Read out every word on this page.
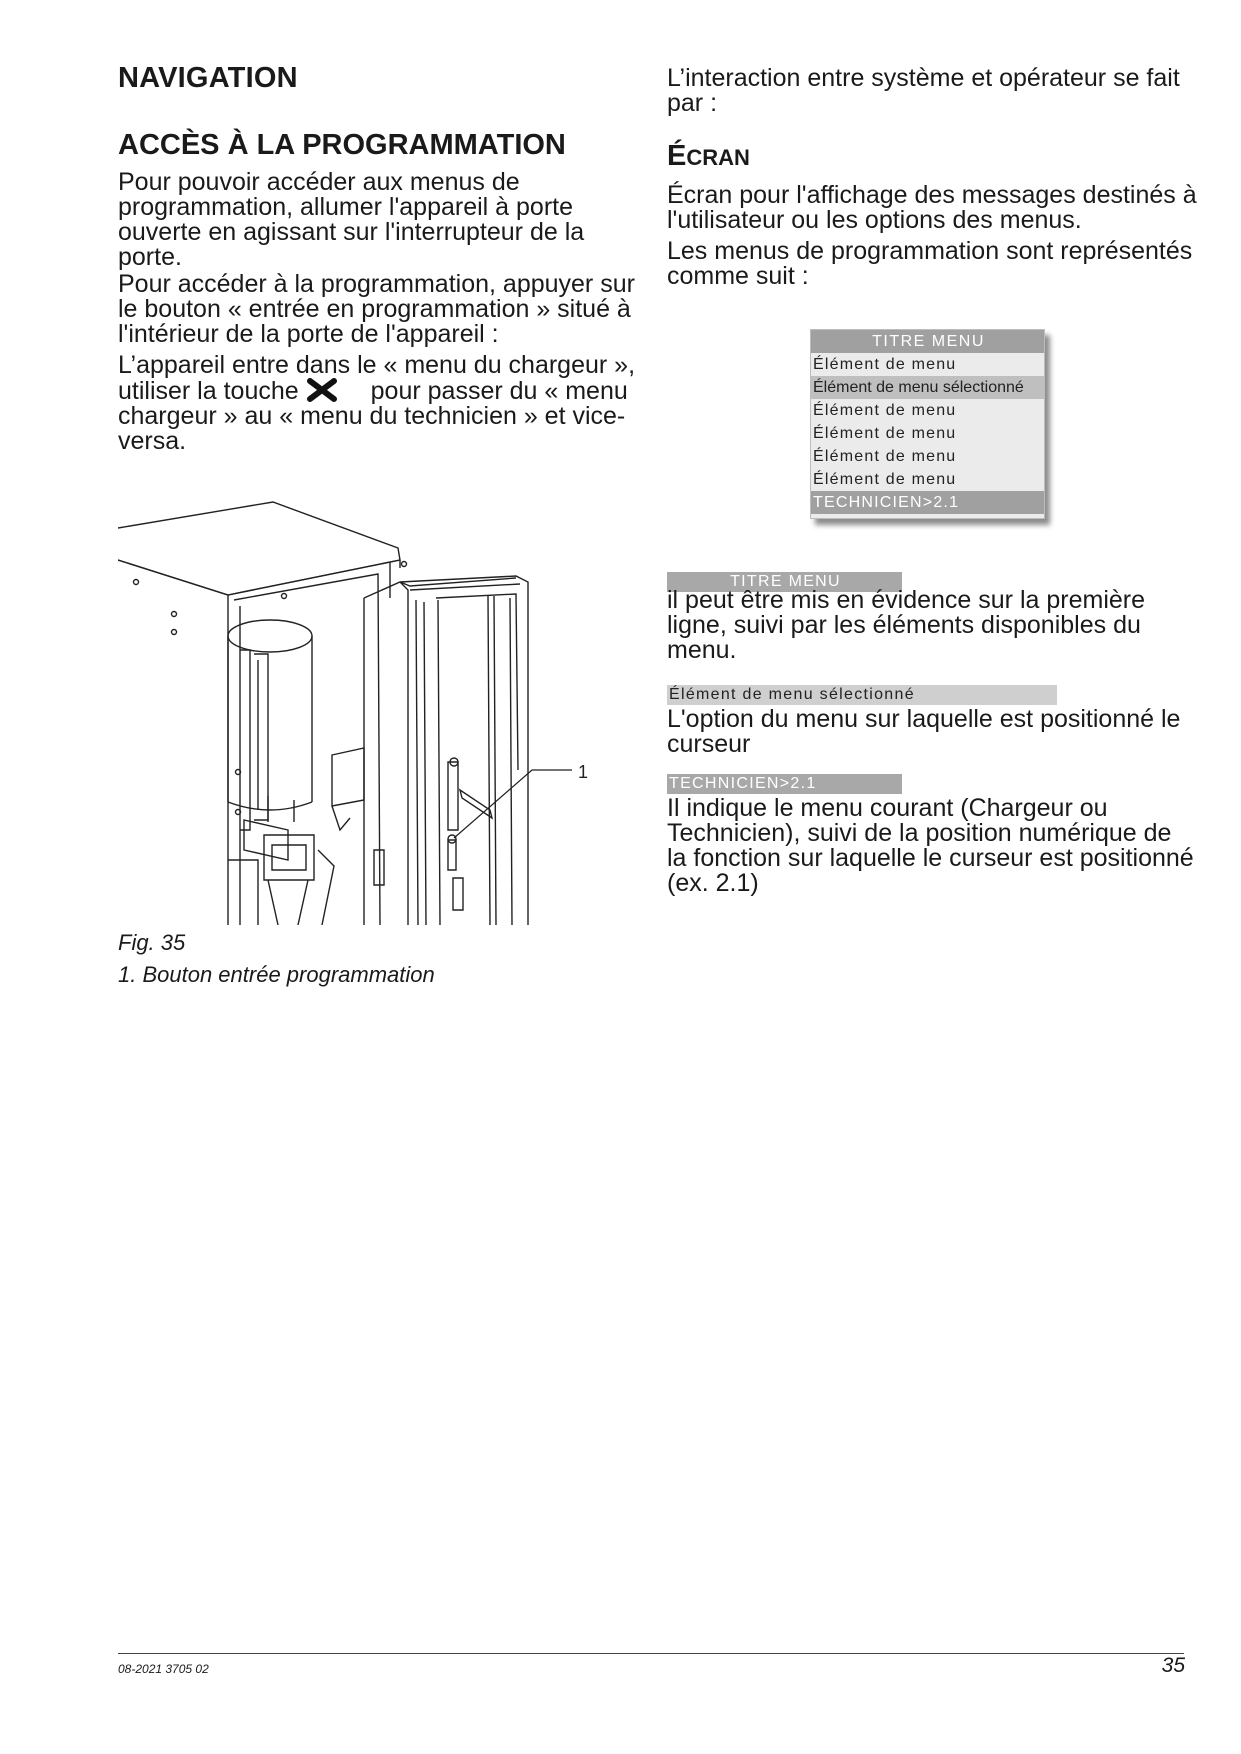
NAVIGATION
ACCÈS À LA PROGRAMMATION

Pour pouvoir accéder aux menus de programmation, allumer l'appareil à porte ouverte en agissant sur l'interrupteur de la porte.

Pour accéder à la programmation, appuyer sur le bouton « entrée en programmation » situé à l'intérieur de la porte de l'appareil :

L’appareil entre dans le « menu du chargeur », utiliser la touche	pour passer du « menu chargeur » au « menu du technicien » et vice-versa.

1
Fig. 35
1. Bouton entrée programmation

L’interaction entre système et opérateur se fait par :

ÉCRAN

Écran pour l'affichage des messages destinés à l'utilisateur ou les options des menus.

Les menus de programmation sont représentés comme suit :

TITRE MENU
Élément de menu
Élément de menu sélectionné
Élément de menu
Élément de menu
Élément de menu
Élément de menu
TECHNICIEN>2.1
TITRE MENU
il peut être mis en évidence sur la première ligne, suivi par les éléments disponibles du menu.
Élément de menu sélectionné
L'option du menu sur laquelle est positionné le curseur
TECHNICIEN>2.1
Il indique le menu courant (Chargeur ou Technicien), suivi de la position numérique de la fonction sur laquelle le curseur est positionné (ex. 2.1)
08-2021 3705 02	35
